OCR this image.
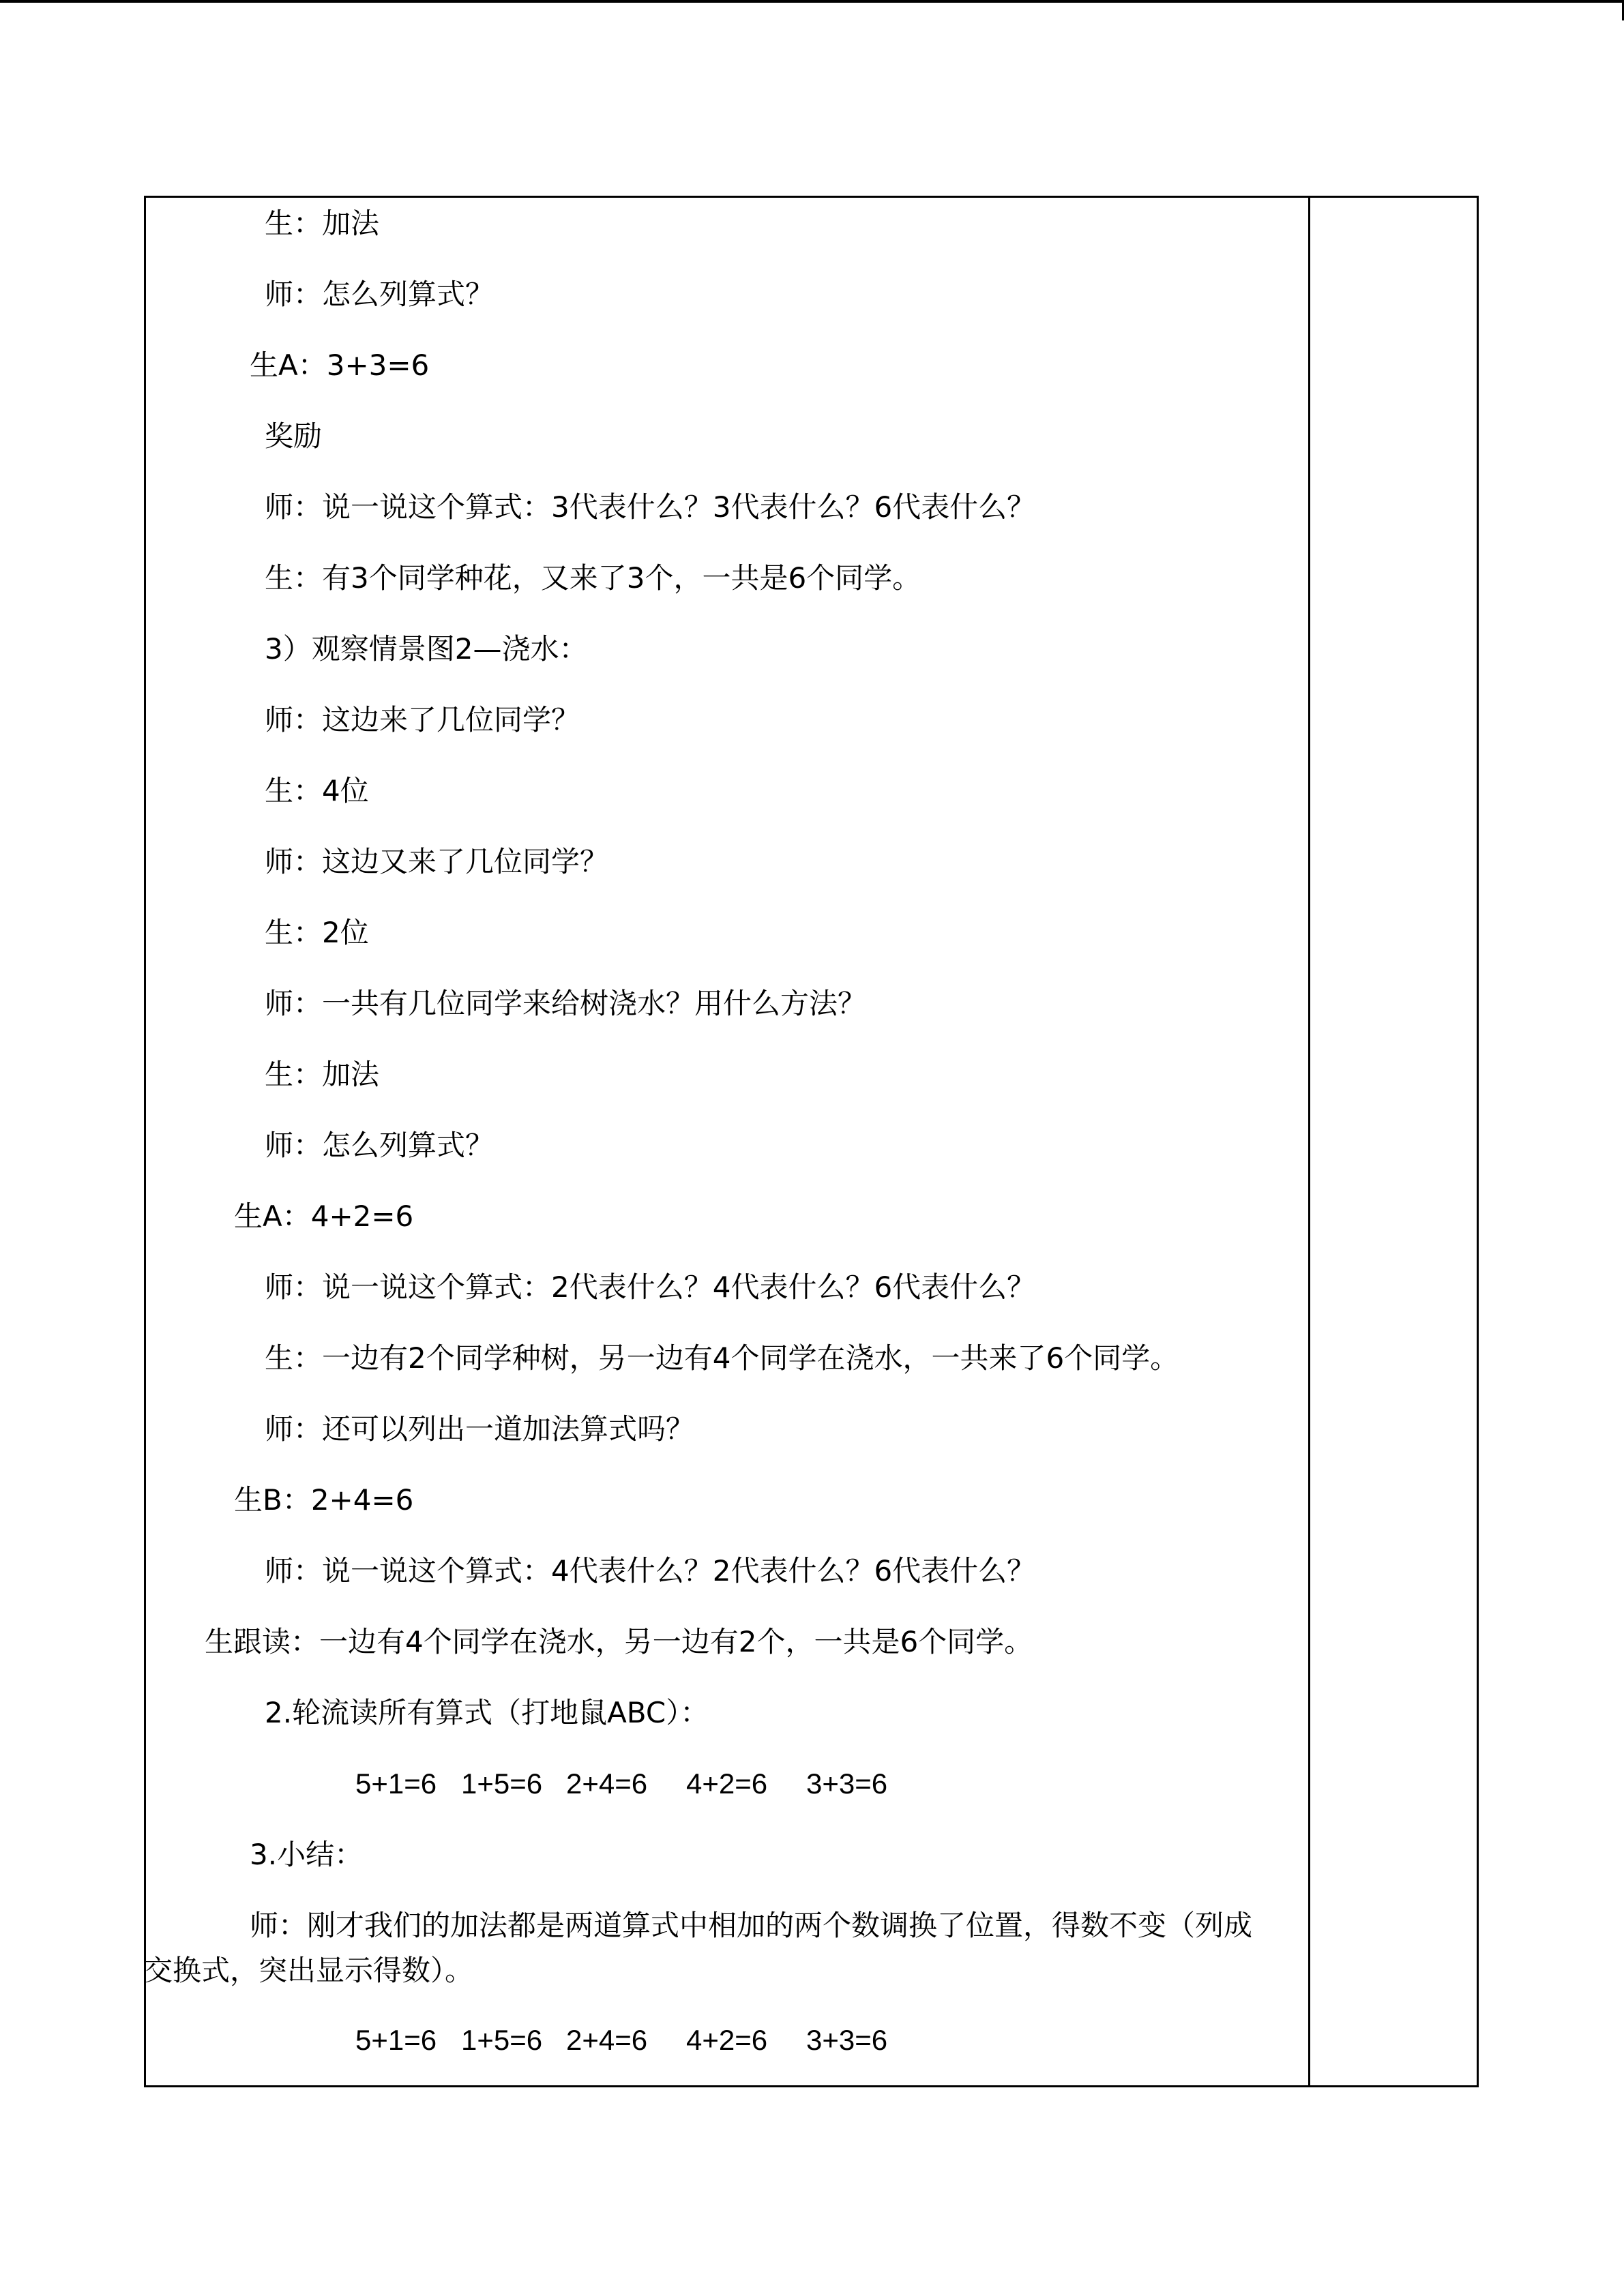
生：加法
师：怎么列算式？
生A：3+3=6
奖励
师：说一说这个算式：3代表什么？3代表什么？6代表什么？
生：有3个同学种花，又来了3个，一共是6个同学。
3）观察情景图2—浇水：
师：这边来了几位同学？
生：4位
师：这边又来了几位同学？
生：2位
师：一共有几位同学来给树浇水？用什么方法？
生：加法
师：怎么列算式？
生A：4+2=6
师：说一说这个算式：2代表什么？4代表什么？6代表什么？
生：一边有2个同学种树，另一边有4个同学在浇水，一共来了6个同学。
师：还可以列出一道加法算式吗？
生B：2+4=6
师：说一说这个算式：4代表什么？2代表什么？6代表什么？
生跟读：一边有4个同学在浇水，另一边有2个，一共是6个同学。
2.轮流读所有算式（打地鼠ABC）：
5+1=6 1+5=6 2+4=6 4+2=6 3+3=6
3.小结：
师：刚才我们的加法都是两道算式中相加的两个数调换了位置，得数不变（列成
交换式，突出显示得数）。
5+1=6 1+5=6 2+4=6 4+2=6 3+3=6
